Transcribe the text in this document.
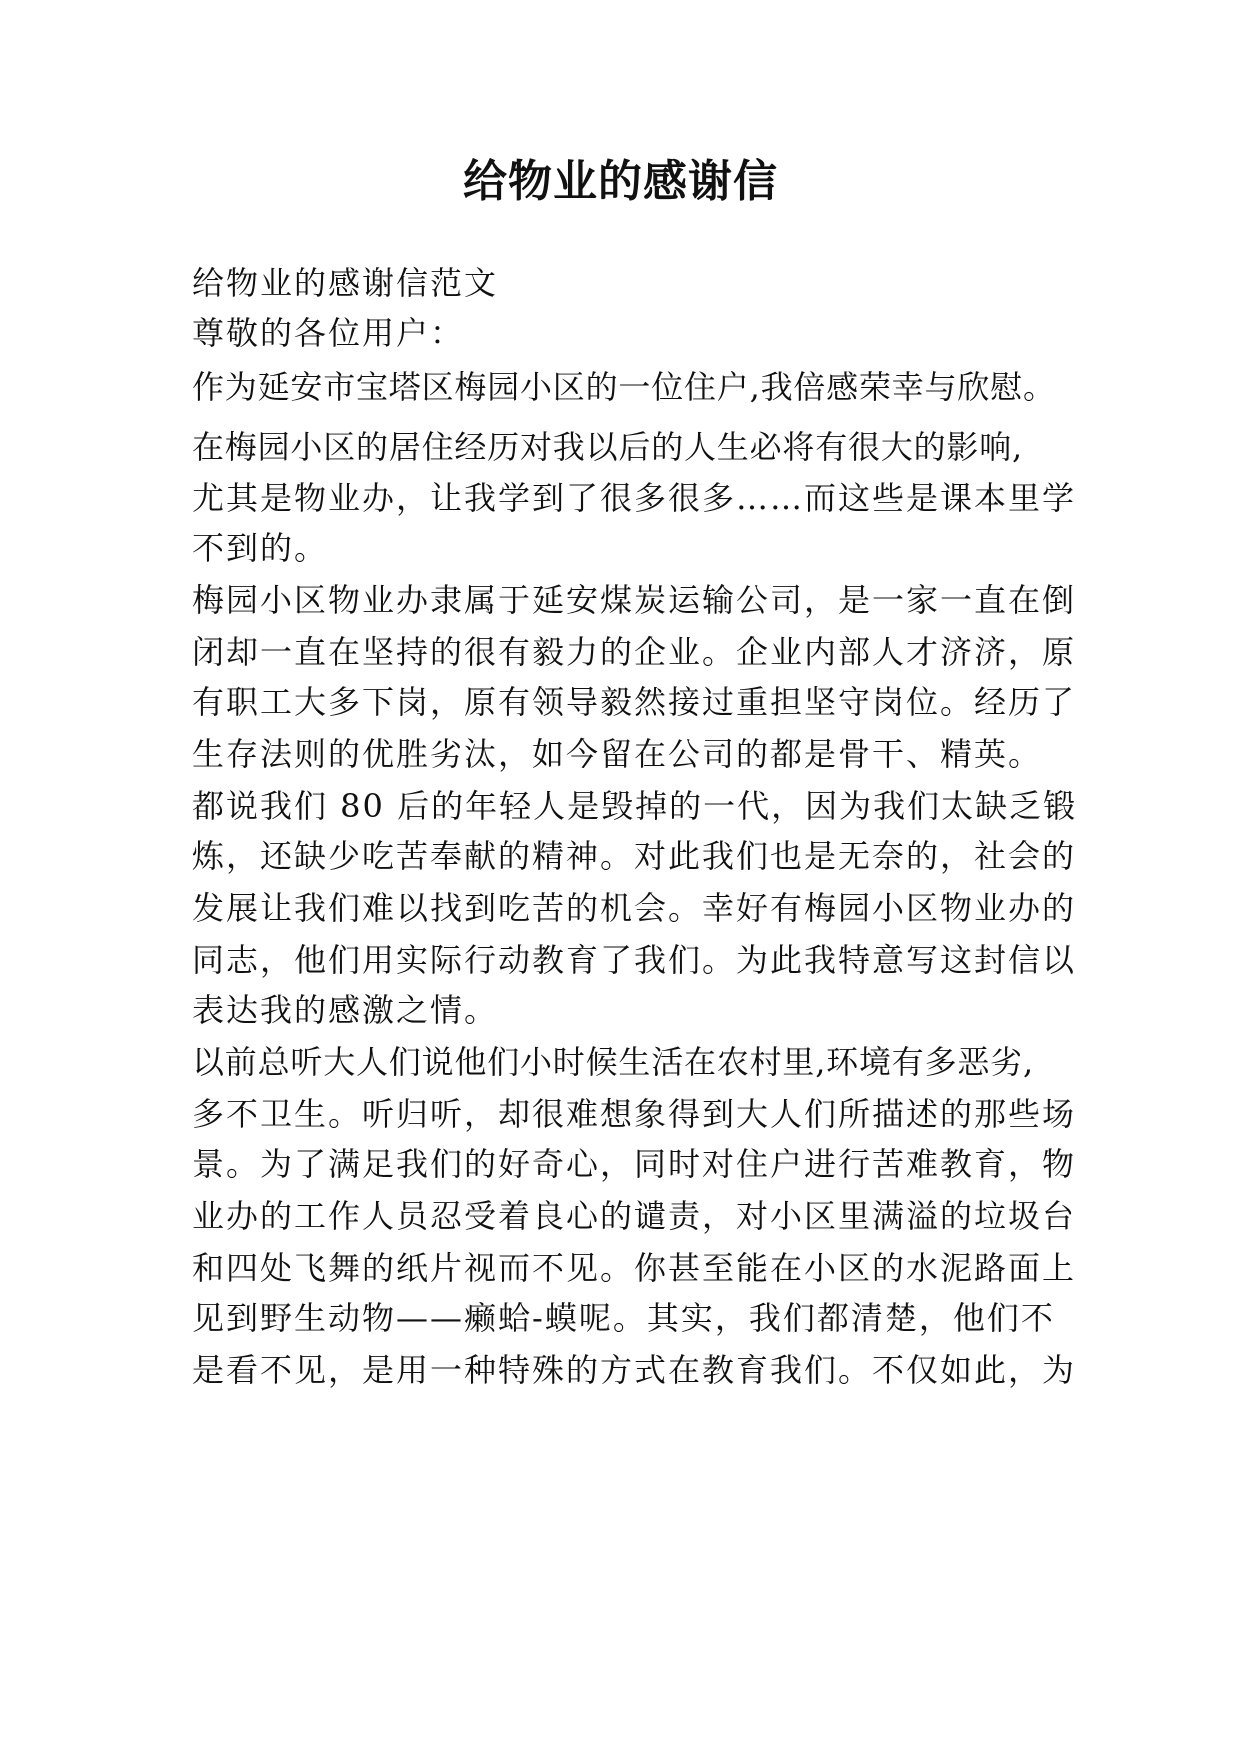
给物业的感谢信
给物业的感谢信范文
尊敬的各位用户：
作为延安市宝塔区梅园小区的一位住户,我倍感荣幸与欣慰。
在梅园小区的居住经历对我以后的人生必将有很大的影响,
尤其是物业办，让我学到了很多很多……而这些是课本里学
不到的。
梅园小区物业办隶属于延安煤炭运输公司，是一家一直在倒
闭却一直在坚持的很有毅力的企业。企业内部人才济济，原
有职工大多下岗，原有领导毅然接过重担坚守岗位。经历了
生存法则的优胜劣汰，如今留在公司的都是骨干、精英。
都说我们 80 后的年轻人是毁掉的一代，因为我们太缺乏锻
炼，还缺少吃苦奉献的精神。对此我们也是无奈的，社会的
发展让我们难以找到吃苦的机会。幸好有梅园小区物业办的
同志，他们用实际行动教育了我们。为此我特意写这封信以
表达我的感激之情。
以前总听大人们说他们小时候生活在农村里,环境有多恶劣,
多不卫生。听归听，却很难想象得到大人们所描述的那些场
景。为了满足我们的好奇心，同时对住户进行苦难教育，物
业办的工作人员忍受着良心的谴责，对小区里满溢的垃圾台
和四处飞舞的纸片视而不见。你甚至能在小区的水泥路面上
见到野生动物——癞蛤-蟆呢。其实，我们都清楚，他们不
是看不见，是用一种特殊的方式在教育我们。不仅如此，为
